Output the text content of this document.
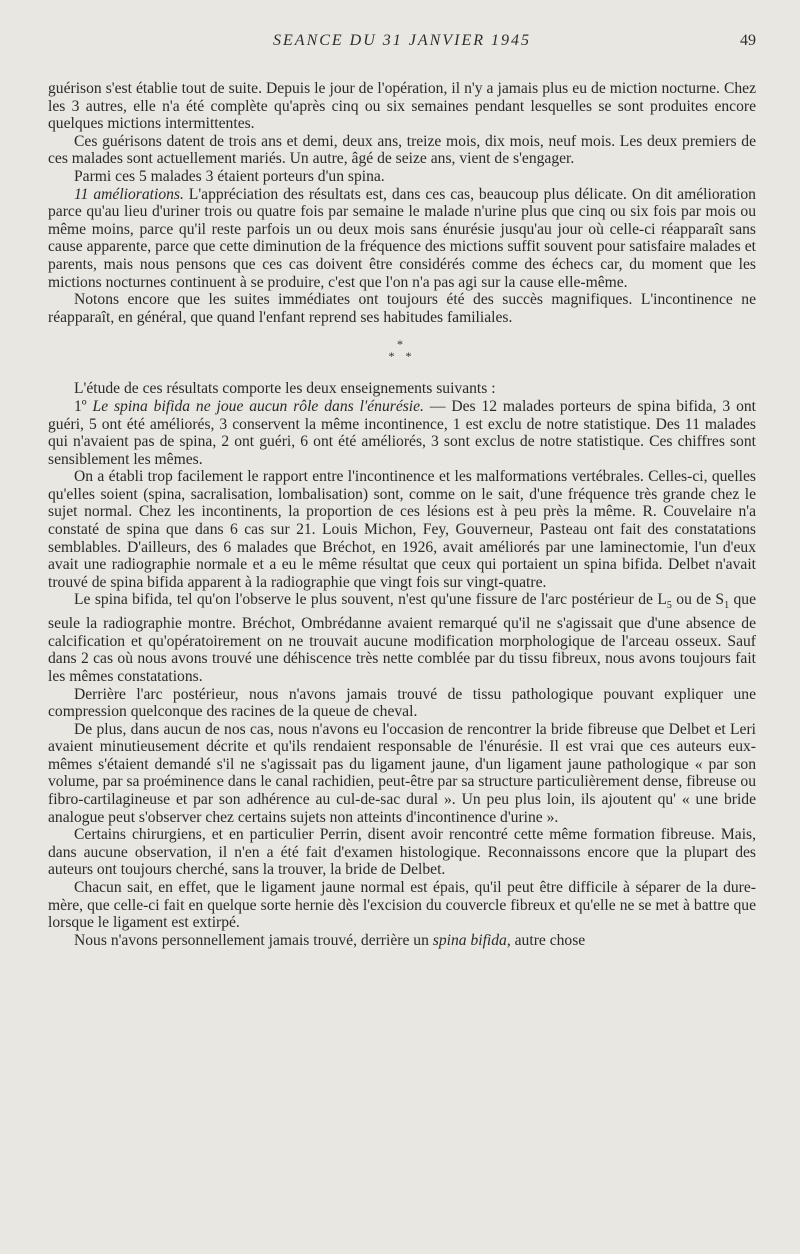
SEANCE DU 31 JANVIER 1945	49

guérison s'est établie tout de suite. Depuis le jour de l'opération, il n'y a jamais plus eu de miction nocturne. Chez les 3 autres, elle n'a été complète qu'après cinq ou six semaines pendant lesquelles se sont produites encore quelques mictions intermittentes.

Ces guérisons datent de trois ans et demi, deux ans, treize mois, dix mois, neuf mois. Les deux premiers de ces malades sont actuellement mariés. Un autre, âgé de seize ans, vient de s'engager.

Parmi ces 5 malades 3 étaient porteurs d'un spina.

11 améliorations. L'appréciation des résultats est, dans ces cas, beaucoup plus délicate. On dit amélioration parce qu'au lieu d'uriner trois ou quatre fois par semaine le malade n'urine plus que cinq ou six fois par mois ou même moins, parce qu'il reste parfois un ou deux mois sans énurésie jusqu'au jour où celle-ci réapparaît sans cause apparente, parce que cette diminution de la fréquence des mictions suffit souvent pour satisfaire malades et parents, mais nous pensons que ces cas doivent être considérés comme des échecs car, du moment que les mictions nocturnes continuent à se produire, c'est que l'on n'a pas agi sur la cause elle-même.

Notons encore que les suites immédiates ont toujours été des succès magnifiques. L'incontinence ne réapparaît, en général, que quand l'enfant reprend ses habitudes familiales.

*
* *

L'étude de ces résultats comporte les deux enseignements suivants :

1º Le spina bifida ne joue aucun rôle dans l'énurésie. — Des 12 malades porteurs de spina bifida, 3 ont guéri, 5 ont été améliorés, 3 conservent la même incontinence, 1 est exclu de notre statistique. Des 11 malades qui n'avaient pas de spina, 2 ont guéri, 6 ont été améliorés, 3 sont exclus de notre statistique. Ces chiffres sont sensiblement les mêmes.

On a établi trop facilement le rapport entre l'incontinence et les malformations vertébrales. Celles-ci, quelles qu'elles soient (spina, sacralisation, lombalisation) sont, comme on le sait, d'une fréquence très grande chez le sujet normal. Chez les incontinents, la proportion de ces lésions est à peu près la même. R. Couvelaire n'a constaté de spina que dans 6 cas sur 21. Louis Michon, Fey, Gouverneur, Pasteau ont fait des constatations semblables. D'ailleurs, des 6 malades que Bréchot, en 1926, avait améliorés par une laminectomie, l'un d'eux avait une radiographie normale et a eu le même résultat que ceux qui portaient un spina bifida. Delbet n'avait trouvé de spina bifida apparent à la radiographie que vingt fois sur vingt-quatre.

Le spina bifida, tel qu'on l'observe le plus souvent, n'est qu'une fissure de l'arc postérieur de $L_5$ ou de $S_1$ que seule la radiographie montre. Bréchot, Ombrédanne avaient remarqué qu'il ne s'agissait que d'une absence de calcification et qu'opératoirement on ne trouvait aucune modification morphologique de l'arceau osseux. Sauf dans 2 cas où nous avons trouvé une déhiscence très nette comblée par du tissu fibreux, nous avons toujours fait les mêmes constatations.

Derrière l'arc postérieur, nous n'avons jamais trouvé de tissu pathologique pouvant expliquer une compression quelconque des racines de la queue de cheval.

De plus, dans aucun de nos cas, nous n'avons eu l'occasion de rencontrer la bride fibreuse que Delbet et Leri avaient minutieusement décrite et qu'ils rendaient responsable de l'énurésie. Il est vrai que ces auteurs eux-mêmes s'étaient demandé s'il ne s'agissait pas du ligament jaune, d'un ligament jaune pathologique « par son volume, par sa proéminence dans le canal rachidien, peut-être par sa structure particulièrement dense, fibreuse ou fibro-cartilagineuse et par son adhérence au cul-de-sac dural ». Un peu plus loin, ils ajoutent qu' « une bride analogue peut s'observer chez certains sujets non atteints d'incontinence d'urine ».

Certains chirurgiens, et en particulier Perrin, disent avoir rencontré cette même formation fibreuse. Mais, dans aucune observation, il n'en a été fait d'examen histologique. Reconnaissons encore que la plupart des auteurs ont toujours cherché, sans la trouver, la bride de Delbet.

Chacun sait, en effet, que le ligament jaune normal est épais, qu'il peut être difficile à séparer de la dure-mère, que celle-ci fait en quelque sorte hernie dès l'excision du couvercle fibreux et qu'elle ne se met à battre que lorsque le ligament est extirpé.

Nous n'avons personnellement jamais trouvé, derrière un spina bifida, autre chose
